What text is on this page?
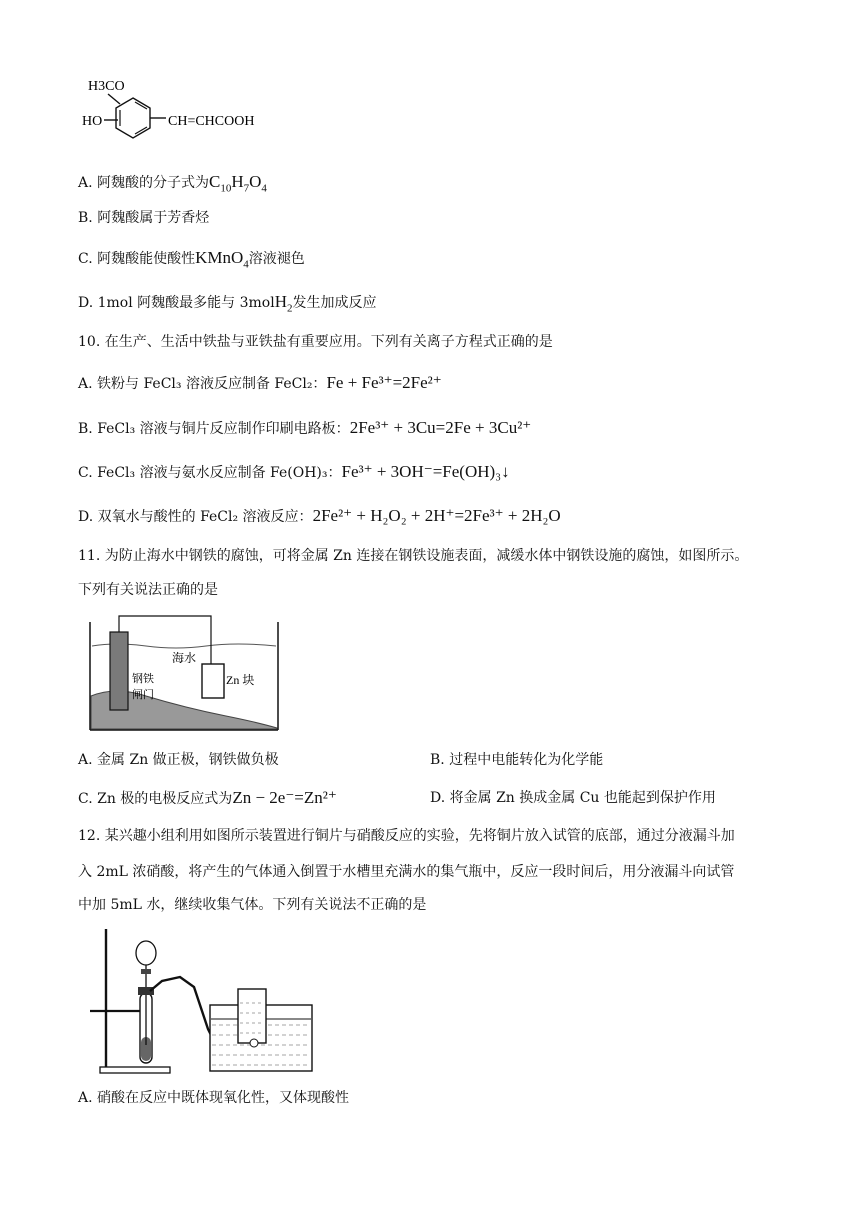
H3CO
HO	CH=CHCOOH
A. 阿魏酸的分子式为$C_{10}H_7O_4$
B. 阿魏酸属于芳香烃
C. 阿魏酸能使酸性KMnO$_4$溶液褪色
D. 1mol 阿魏酸最多能与 3molH$_2$发生加成反应
10. 在生产、生活中铁盐与亚铁盐有重要应用。下列有关离子方程式正确的是
A. 铁粉与 FeCl₃ 溶液反应制备 FeCl₂：Fe + Fe³⁺=2Fe²⁺
B. FeCl₃ 溶液与铜片反应制作印刷电路板：2Fe³⁺ + 3Cu=2Fe + 3Cu²⁺
C. FeCl₃ 溶液与氨水反应制备 Fe(OH)₃：Fe³⁺ + 3OH⁻=Fe(OH)₃↓
D. 双氧水与酸性的 FeCl₂ 溶液反应：2Fe²⁺ + H₂O₂ + 2H⁺=2Fe³⁺ + 2H₂O
11. 为防止海水中钢铁的腐蚀，可将金属 Zn 连接在钢铁设施表面，减缓水体中钢铁设施的腐蚀，如图所示。
下列有关说法正确的是
海水
Zn 块
钢铁
闸门
A. 金属 Zn 做正极，钢铁做负极	B. 过程中电能转化为化学能
C. Zn 极的电极反应式为Zn − 2e⁻=Zn²⁺	D. 将金属 Zn 换成金属 Cu 也能起到保护作用
12. 某兴趣小组利用如图所示装置进行铜片与硝酸反应的实验，先将铜片放入试管的底部，通过分液漏斗加
入 2mL 浓硝酸，将产生的气体通入倒置于水槽里充满水的集气瓶中，反应一段时间后，用分液漏斗向试管
中加 5mL 水，继续收集气体。下列有关说法不正确的是
A. 硝酸在反应中既体现氧化性，又体现酸性
